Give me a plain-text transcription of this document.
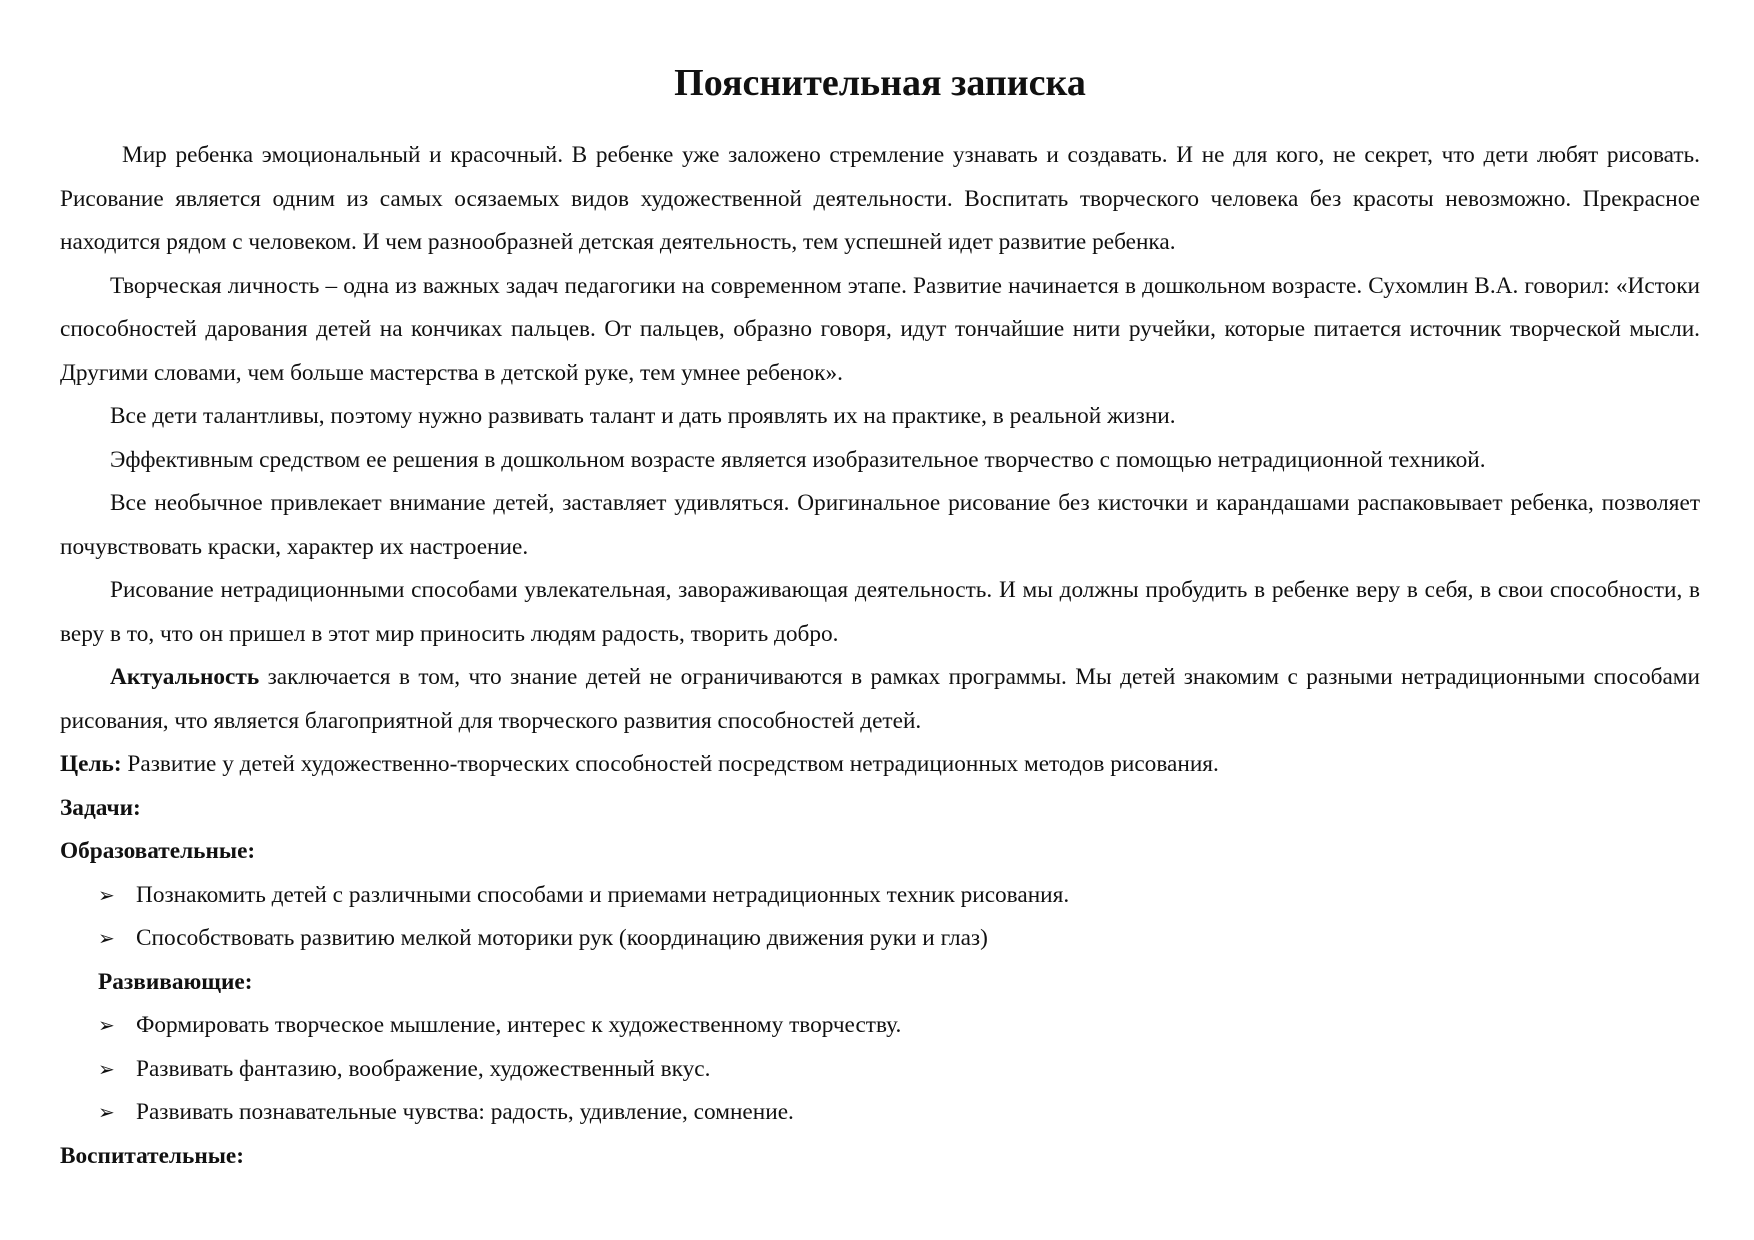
Пояснительная записка

Мир ребенка эмоциональный и красочный. В ребенке уже заложено стремление узнавать и создавать. И не для кого, не секрет, что дети любят рисовать. Рисование является одним из самых осязаемых видов художественной деятельности. Воспитать творческого человека без красоты невозможно. Прекрасное находится рядом с человеком. И чем разнообразней детская деятельность, тем успешней идет развитие ребенка.

Творческая личность – одна из важных задач педагогики на современном этапе. Развитие начинается в дошкольном возрасте. Сухомлин В.А. говорил: «Истоки способностей дарования детей на кончиках пальцев. От пальцев, образно говоря, идут тончайшие нити ручейки, которые питается источник творческой мысли. Другими словами, чем больше мастерства в детской руке, тем умнее ребенок».

Все дети талантливы, поэтому нужно развивать талант и дать проявлять их на практике, в реальной жизни.

Эффективным средством ее решения в дошкольном возрасте является изобразительное творчество с помощью нетрадиционной техникой.

Все необычное привлекает внимание детей, заставляет удивляться. Оригинальное рисование без кисточки и карандашами распаковывает ребенка, позволяет почувствовать краски, характер их настроение.

Рисование нетрадиционными способами увлекательная, завораживающая деятельность. И мы должны пробудить в ребенке веру в себя, в свои способности, в веру в то, что он пришел в этот мир приносить людям радость, творить добро.

Актуальность заключается в том, что знание детей не ограничиваются в рамках программы. Мы детей знакомим с разными нетрадиционными способами рисования, что является благоприятной для творческого развития способностей детей.

Цель: Развитие у детей художественно-творческих способностей посредством нетрадиционных методов рисования.

Задачи:

Образовательные:

➢ Познакомить детей с различными способами и приемами нетрадиционных техник рисования.

➢ Способствовать развитию мелкой моторики рук (координацию движения руки и глаз)

Развивающие:

➢ Формировать творческое мышление, интерес к художественному творчеству.

➢ Развивать фантазию, воображение, художественный вкус.

➢ Развивать познавательные чувства: радость, удивление, сомнение.

Воспитательные:
